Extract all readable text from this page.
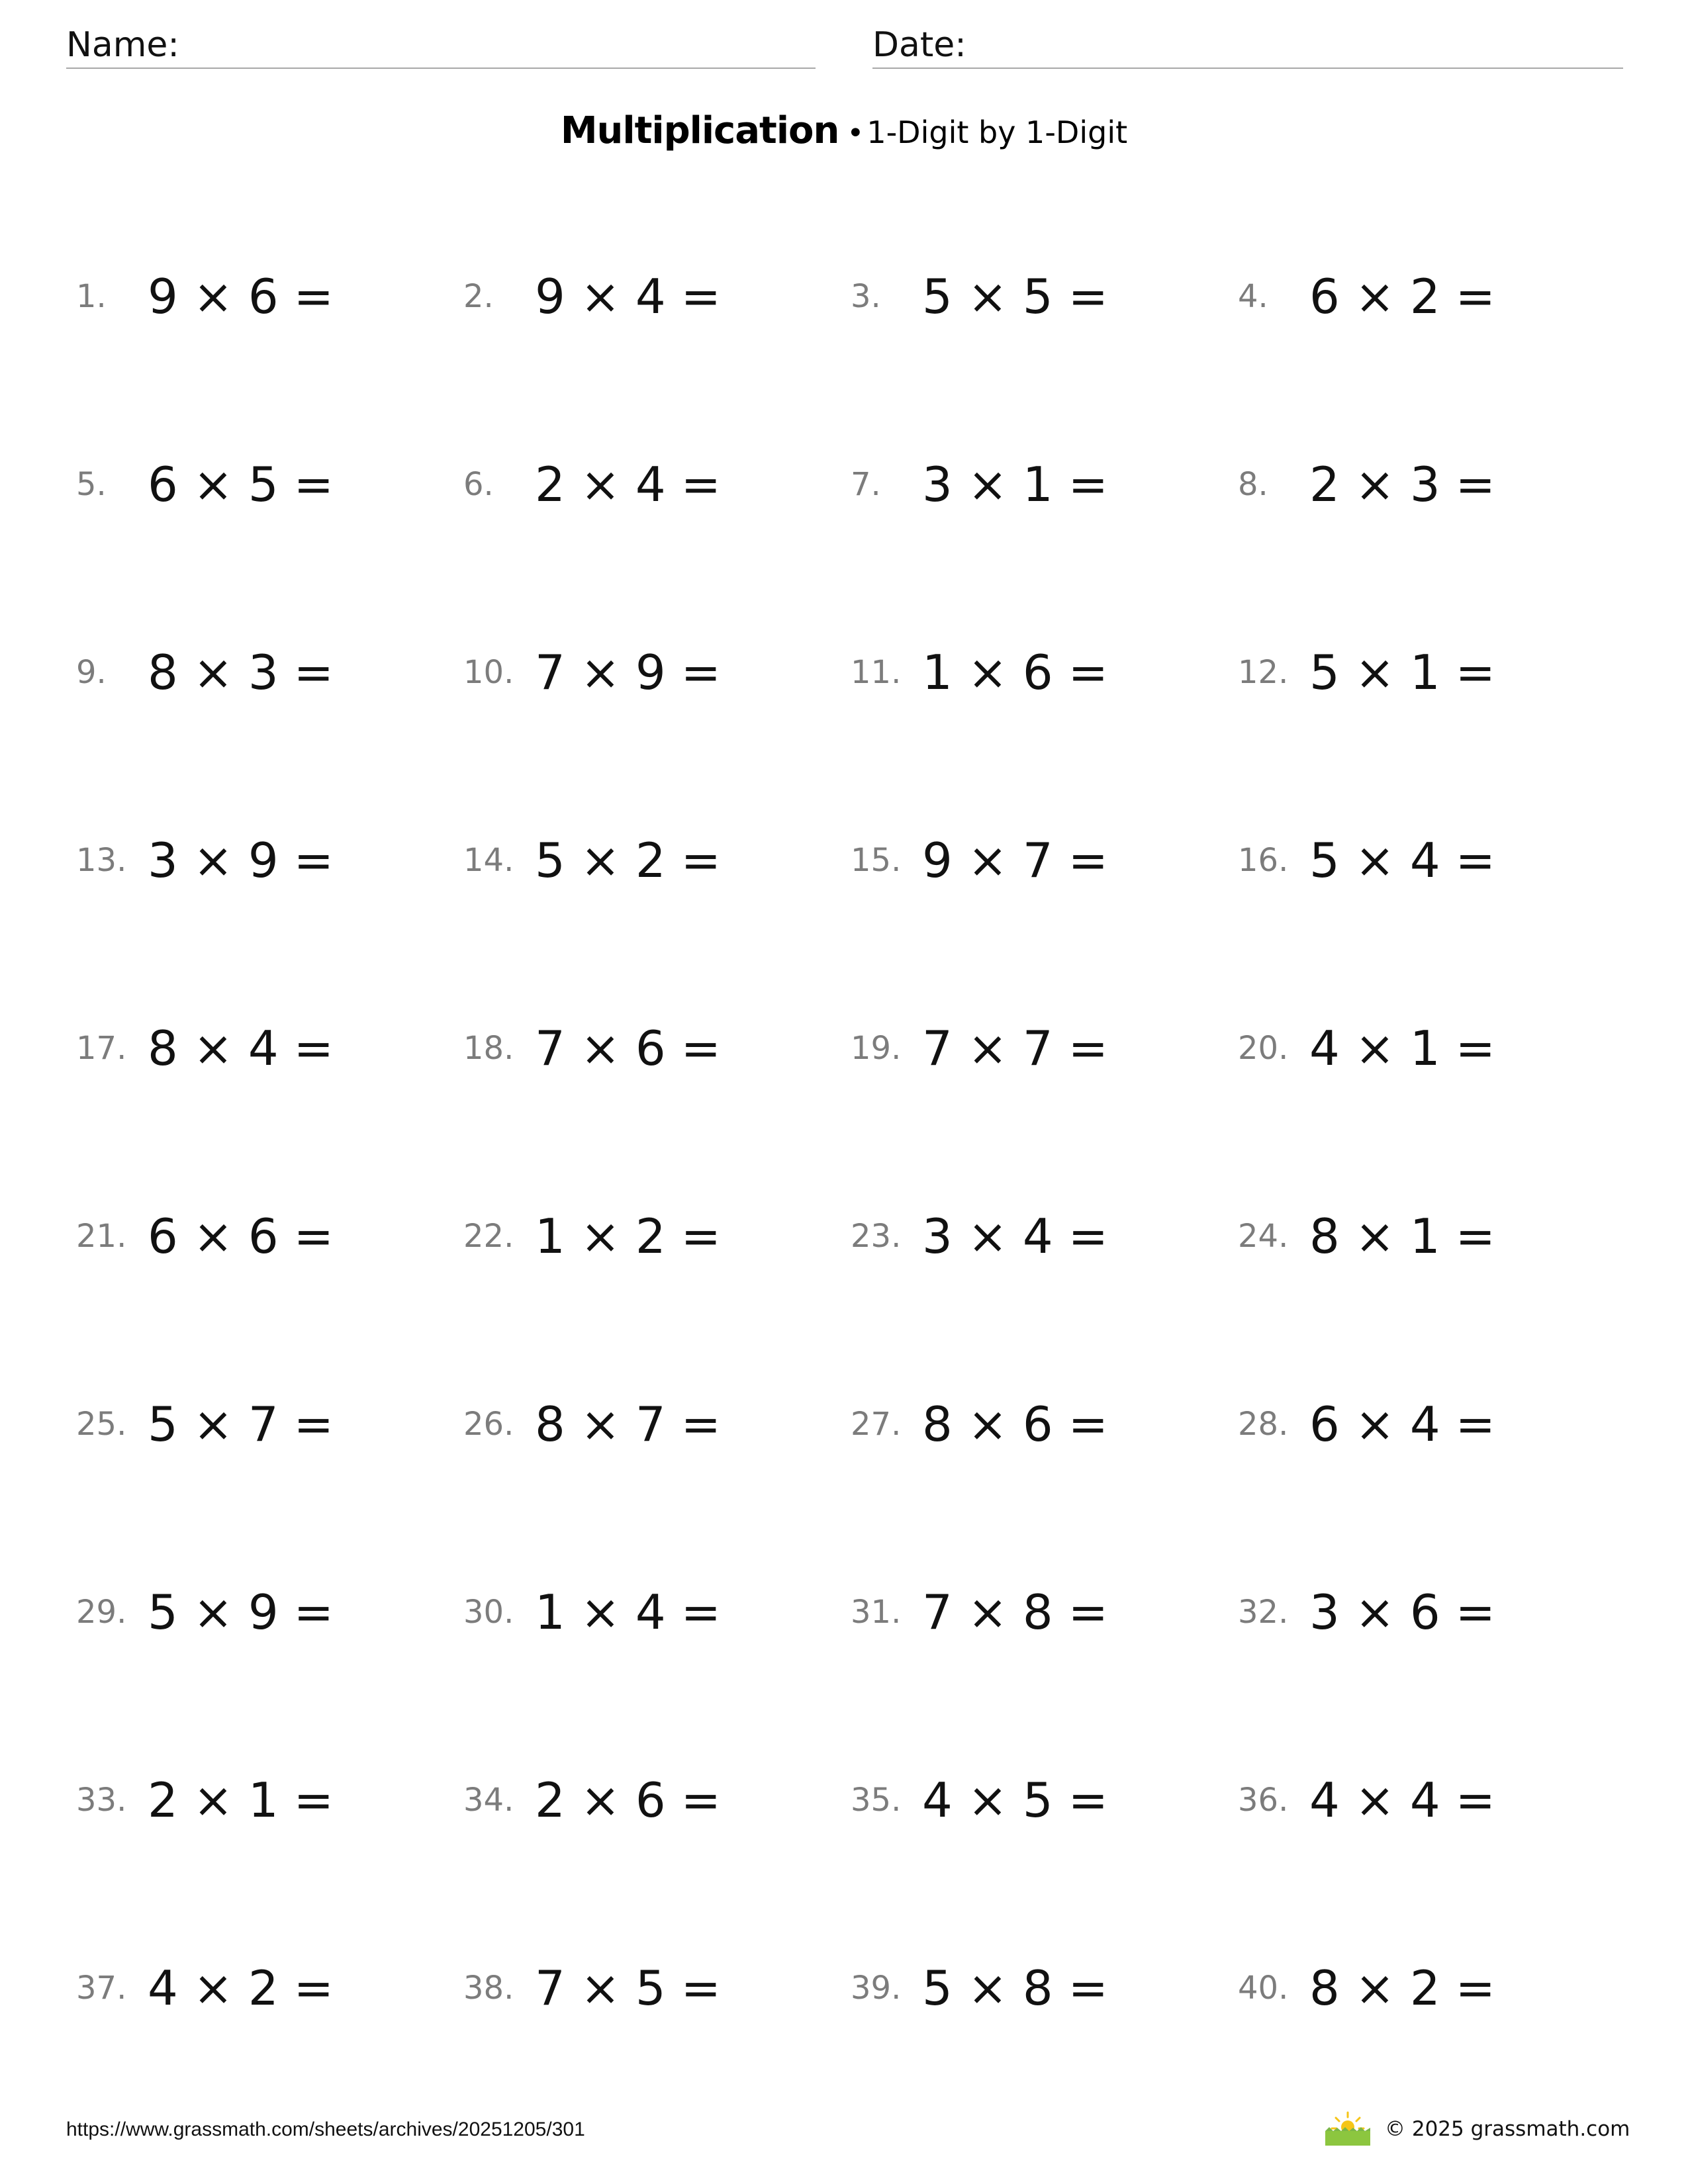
Name:	Date:
Multiplication •1-Digit by 1-Digit
1. 9 × 6 =	2. 9 × 4 =	3. 5 × 5 =	4. 6 × 2 =
5. 6 × 5 =	6. 2 × 4 =	7. 3 × 1 =	8. 2 × 3 =
9. 8 × 3 =	10. 7 × 9 =	11. 1 × 6 =	12. 5 × 1 =
13. 3 × 9 =	14. 5 × 2 =	15. 9 × 7 =	16. 5 × 4 =
17. 8 × 4 =	18. 7 × 6 =	19. 7 × 7 =	20. 4 × 1 =
21. 6 × 6 =	22. 1 × 2 =	23. 3 × 4 =	24. 8 × 1 =
25. 5 × 7 =	26. 8 × 7 =	27. 8 × 6 =	28. 6 × 4 =
29. 5 × 9 =	30. 1 × 4 =	31. 7 × 8 =	32. 3 × 6 =
33. 2 × 1 =	34. 2 × 6 =	35. 4 × 5 =	36. 4 × 4 =
37. 4 × 2 =	38. 7 × 5 =	39. 5 × 8 =	40. 8 × 2 =
https://www.grassmath.com/sheets/archives/20251205/301	© 2025 grassmath.com
